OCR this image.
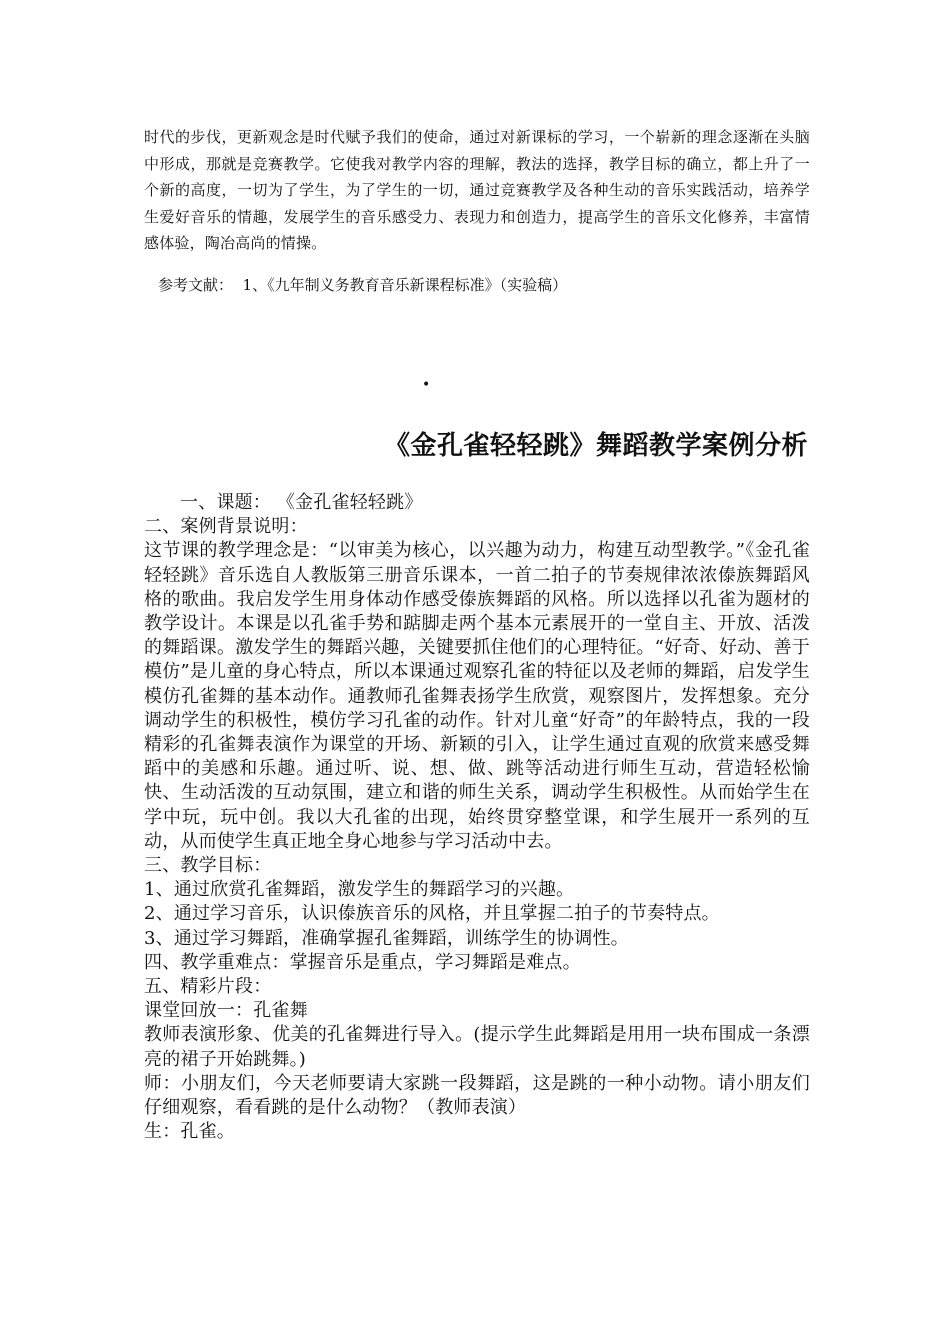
时代的步伐，更新观念是时代赋予我们的使命，通过对新课标的学习，一个崭新的理念逐渐在头脑中形成，那就是竞赛教学。它使我对教学内容的理解，教法的选择，教学目标的确立，都上升了一个新的高度，一切为了学生，为了学生的一切，通过竞赛教学及各种生动的音乐实践活动，培养学生爱好音乐的情趣，发展学生的音乐感受力、表现力和创造力，提高学生的音乐文化修养，丰富情感体验，陶冶高尚的情操。
参考文献：  1、《九年制义务教育音乐新课程标准》（实验稿）
•
《金孔雀轻轻跳》舞蹈教学案例分析
一、课题： 《金孔雀轻轻跳》
二、案例背景说明：
这节课的教学理念是：“以审美为核心，以兴趣为动力，构建互动型教学。”《金孔雀轻轻跳》音乐选自人教版第三册音乐课本，一首二拍子的节奏规律浓浓傣族舞蹈风格的歌曲。我启发学生用身体动作感受傣族舞蹈的风格。所以选择以孔雀为题材的教学设计。本课是以孔雀手势和踮脚走两个基本元素展开的一堂自主、开放、活泼的舞蹈课。激发学生的舞蹈兴趣，关键要抓住他们的心理特征。“好奇、好动、善于模仿”是儿童的身心特点，所以本课通过观察孔雀的特征以及老师的舞蹈，启发学生模仿孔雀舞的基本动作。通教师孔雀舞表扬学生欣赏，观察图片，发挥想象。充分调动学生的积极性，模仿学习孔雀的动作。针对儿童“好奇”的年龄特点，我的一段精彩的孔雀舞表演作为课堂的开场、新颖的引入，让学生通过直观的欣赏来感受舞蹈中的美感和乐趣。通过听、说、想、做、跳等活动进行师生互动，营造轻松愉快、生动活泼的互动氛围，建立和谐的师生关系，调动学生积极性。从而始学生在学中玩，玩中创。我以大孔雀的出现，始终贯穿整堂课，和学生展开一系列的互动，从而使学生真正地全身心地参与学习活动中去。
三、教学目标：
1、通过欣赏孔雀舞蹈，激发学生的舞蹈学习的兴趣。
2、通过学习音乐，认识傣族音乐的风格，并且掌握二拍子的节奏特点。
3、通过学习舞蹈，准确掌握孔雀舞蹈，训练学生的协调性。
四、教学重难点：掌握音乐是重点，学习舞蹈是难点。
五、精彩片段：
课堂回放一：孔雀舞
教师表演形象、优美的孔雀舞进行导入。(提示学生此舞蹈是用用一块布围成一条漂亮的裙子开始跳舞。)
师：小朋友们，今天老师要请大家跳一段舞蹈，这是跳的一种小动物。请小朋友们仔细观察，看看跳的是什么动物？（教师表演）
生：孔雀。
